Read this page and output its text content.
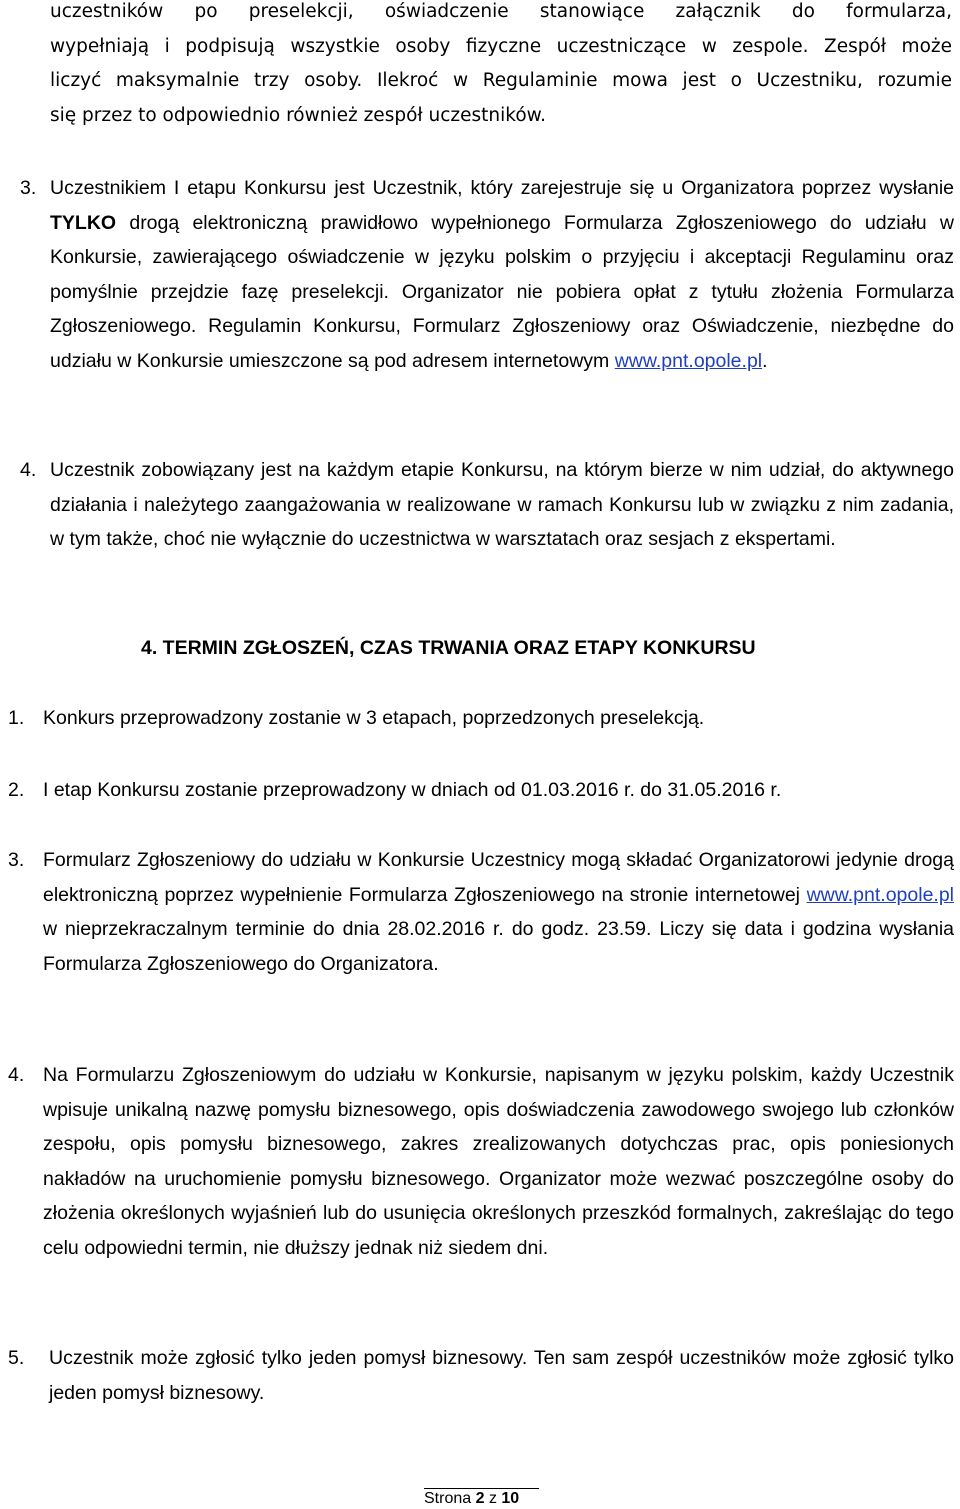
uczestników po preselekcji, oświadczenie stanowiące załącznik do formularza,
wypełniają i podpisują wszystkie osoby fizyczne uczestniczące w zespole. Zespół może
liczyć maksymalnie trzy osoby. Ilekroć w Regulaminie mowa jest o Uczestniku, rozumie
się przez to odpowiednio również zespół uczestników.
3. Uczestnikiem I etapu Konkursu jest Uczestnik, który zarejestruje się u Organizatora poprzez wysłanie TYLKO drogą elektroniczną prawidłowo wypełnionego Formularza Zgłoszeniowego do udziału w Konkursie, zawierającego oświadczenie w języku polskim o przyjęciu i akceptacji Regulaminu oraz pomyślnie przejdzie fazę preselekcji. Organizator nie pobiera opłat z tytułu złożenia Formularza Zgłoszeniowego. Regulamin Konkursu, Formularz Zgłoszeniowy oraz Oświadczenie, niezbędne do udziału w Konkursie umieszczone są pod adresem internetowym www.pnt.opole.pl.
4. Uczestnik zobowiązany jest na każdym etapie Konkursu, na którym bierze w nim udział, do aktywnego działania i należytego zaangażowania w realizowane w ramach Konkursu lub w związku z nim zadania, w tym także, choć nie wyłącznie do uczestnictwa w warsztatach oraz sesjach z ekspertami.
4. TERMIN ZGŁOSZEŃ, CZAS TRWANIA ORAZ ETAPY KONKURSU
1. Konkurs przeprowadzony zostanie w 3 etapach, poprzedzonych preselekcją.
2. I etap Konkursu zostanie przeprowadzony w dniach od 01.03.2016 r. do 31.05.2016 r.
3. Formularz Zgłoszeniowy do udziału w Konkursie Uczestnicy mogą składać Organizatorowi jedynie drogą elektroniczną poprzez wypełnienie Formularza Zgłoszeniowego na stronie internetowej www.pnt.opole.pl w nieprzekraczalnym terminie do dnia 28.02.2016 r. do godz. 23.59. Liczy się data i godzina wysłania Formularza Zgłoszeniowego do Organizatora.
4. Na Formularzu Zgłoszeniowym do udziału w Konkursie, napisanym w języku polskim, każdy Uczestnik wpisuje unikalną nazwę pomysłu biznesowego, opis doświadczenia zawodowego swojego lub członków zespołu, opis pomysłu biznesowego, zakres zrealizowanych dotychczas prac, opis poniesionych nakładów na uruchomienie pomysłu biznesowego. Organizator może wezwać poszczególne osoby do złożenia określonych wyjaśnień lub do usunięcia określonych przeszkód formalnych, zakreślając do tego celu odpowiedni termin, nie dłuższy jednak niż siedem dni.
5. Uczestnik może zgłosić tylko jeden pomysł biznesowy. Ten sam zespół uczestników może zgłosić tylko jeden pomysł biznesowy.
Strona 2 z 10
